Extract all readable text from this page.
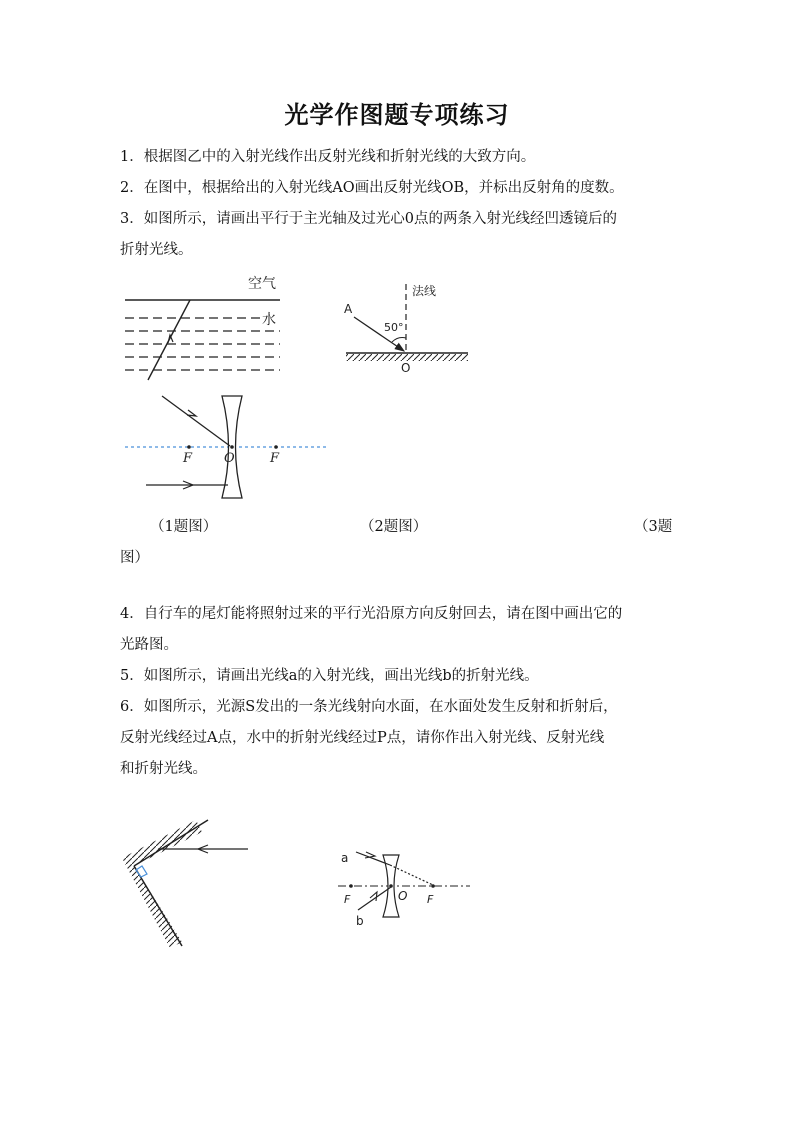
光学作图题专项练习
1．根据图乙中的入射光线作出反射光线和折射光线的大致方向。
2．在图中，根据给出的入射光线AO画出反射光线OB，并标出反射角的度数。
3．如图所示，请画出平行于主光轴及过光心0点的两条入射光线经凹透镜后的
折射光线。
（1题图）	（2题图）	（3题
图）
4．自行车的尾灯能将照射过来的平行光沿原方向反射回去，请在图中画出它的
光路图。
5．如图所示，请画出光线a的入射光线，画出光线b的折射光线。
6．如图所示，光源S发出的一条光线射向水面，在水面处发生反射和折射后，
反射光线经过A点，水中的折射光线经过P点，请你作出入射光线、反射光线
和折射光线。
空气
水
法线
A
50°
O
F O	F
a
b
F	O F
